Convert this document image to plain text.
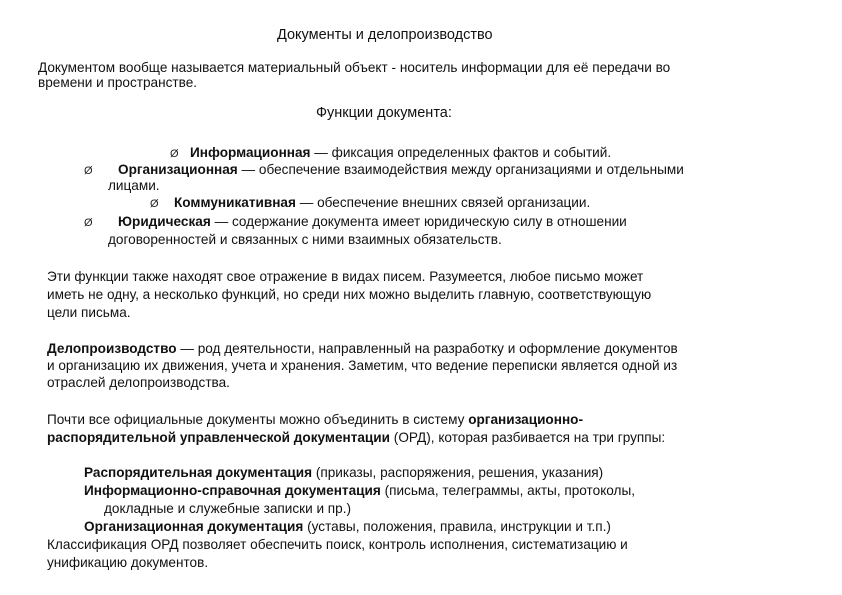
Документы и делопроизводство
Документом вообще называется материальный объект - носитель информации для её передачи во
времени и пространстве.
Функции документа:
Ø Информационная — фиксация определенных фактов и событий.
Ø Организационная — обеспечение взаимодействия между организациями и отдельными
лицами.
Ø Коммуникативная — обеспечение внешних связей организации.
Ø Юридическая — содержание документа имеет юридическую силу в отношении
договоренностей и связанных с ними взаимных обязательств.
Эти функции также находят свое отражение в видах писем. Разумеется, любое письмо может
иметь не одну, а несколько функций, но среди них можно выделить главную, соответствующую
цели письма.
Делопроизводство — род деятельности, направленный на разработку и оформление документов
и организацию их движения, учета и хранения. Заметим, что ведение переписки является одной из
отраслей делопроизводства.
Почти все официальные документы можно объединить в систему организационно-
распорядительной управленческой документации (ОРД), которая разбивается на три группы:
Распорядительная документация (приказы, распоряжения, решения, указания)
Информационно-справочная документация (письма, телеграммы, акты, протоколы,
докладные и служебные записки и пр.)
Организационная документация (уставы, положения, правила, инструкции и т.п.)
Классификация ОРД позволяет обеспечить поиск, контроль исполнения, систематизацию и
унификацию документов.
